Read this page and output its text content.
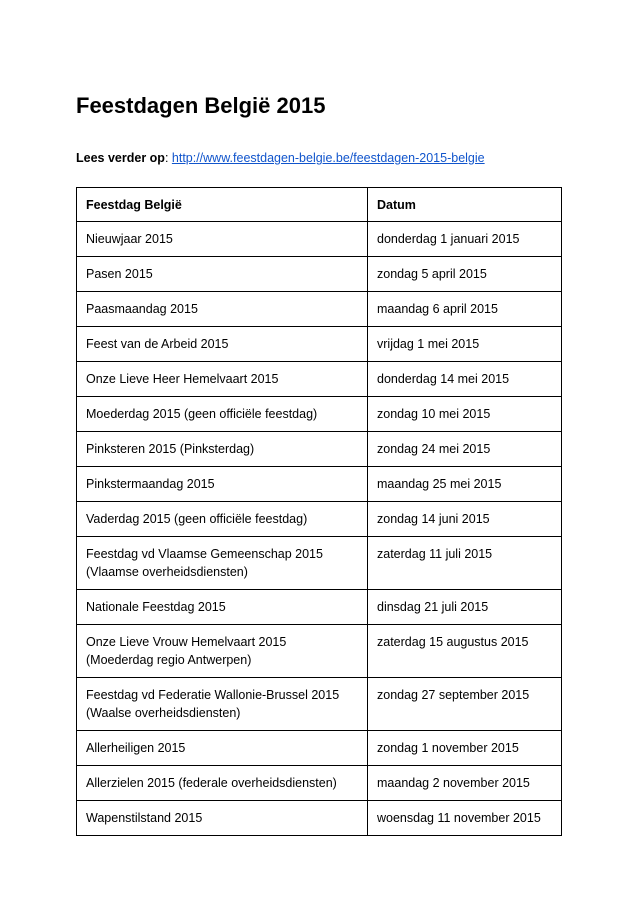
Feestdagen België 2015
Lees verder op: http://www.feestdagen-belgie.be/feestdagen-2015-belgie
Feestdag België	Datum
Nieuwjaar 2015	donderdag 1 januari 2015
Pasen 2015	zondag 5 april 2015
Paasmaandag 2015	maandag 6 april 2015
Feest van de Arbeid 2015	vrijdag 1 mei 2015
Onze Lieve Heer Hemelvaart 2015	donderdag 14 mei 2015
Moederdag 2015 (geen officiële feestdag)	zondag 10 mei 2015
Pinksteren 2015 (Pinksterdag)	zondag 24 mei 2015
Pinkstermaandag 2015	maandag 25 mei 2015
Vaderdag 2015 (geen officiële feestdag)	zondag 14 juni 2015
Feestdag vd Vlaamse Gemeenschap 2015
(Vlaamse overheidsdiensten)	zaterdag 11 juli 2015
Nationale Feestdag 2015	dinsdag 21 juli 2015
Onze Lieve Vrouw Hemelvaart 2015
(Moederdag regio Antwerpen)	zaterdag 15 augustus 2015
Feestdag vd Federatie Wallonie-Brussel 2015
(Waalse overheidsdiensten)	zondag 27 september 2015
Allerheiligen 2015	zondag 1 november 2015
Allerzielen 2015 (federale overheidsdiensten)	maandag 2 november 2015
Wapenstilstand 2015	woensdag 11 november 2015
